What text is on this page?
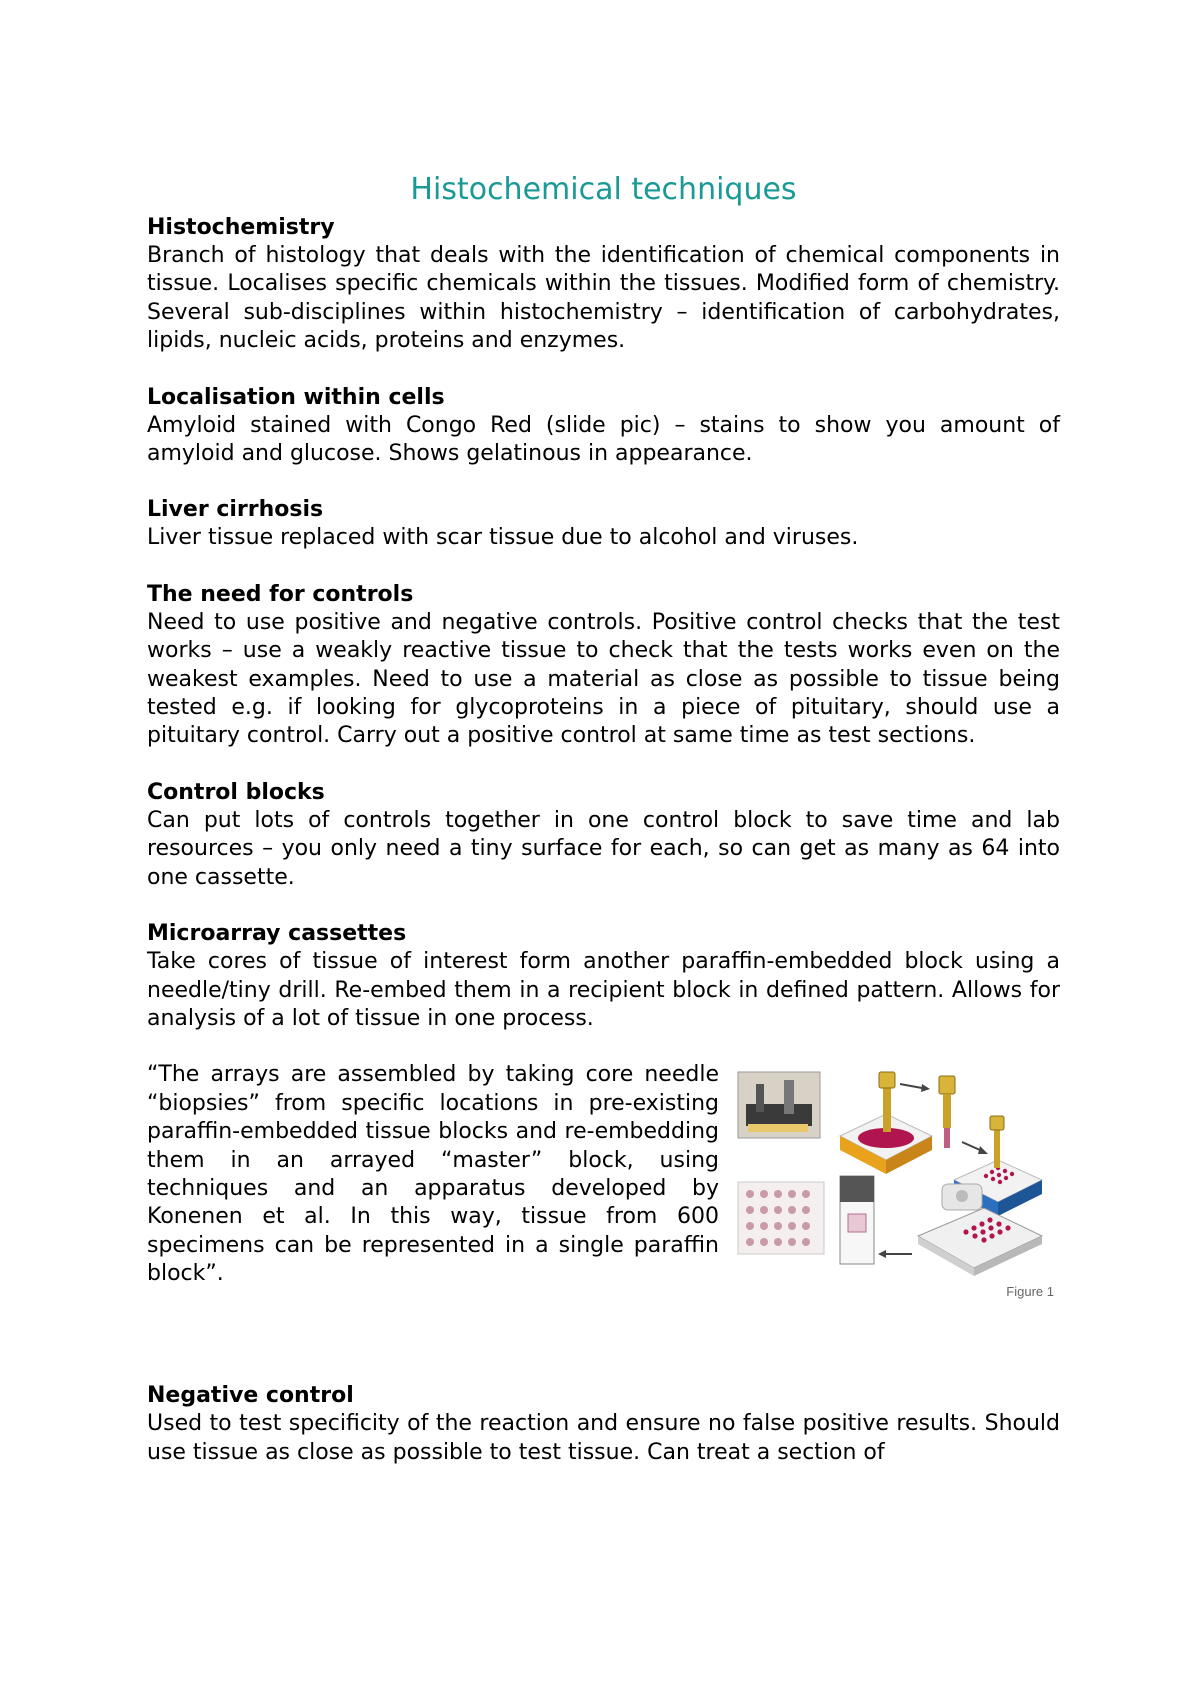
Histochemical techniques

Histochemistry

Branch of histology that deals with the identification of chemical components in tissue. Localises specific chemicals within the tissues. Modified form of chemistry. Several sub-disciplines within histochemistry – identification of carbohydrates, lipids, nucleic acids, proteins and enzymes.

Localisation within cells

Amyloid stained with Congo Red (slide pic) – stains to show you amount of amyloid and glucose. Shows gelatinous in appearance.

Liver cirrhosis

Liver tissue replaced with scar tissue due to alcohol and viruses.

The need for controls

Need to use positive and negative controls. Positive control checks that the test works – use a weakly reactive tissue to check that the tests works even on the weakest examples. Need to use a material as close as possible to tissue being tested e.g. if looking for glycoproteins in a piece of pituitary, should use a pituitary control. Carry out a positive control at same time as test sections.

Control blocks

Can put lots of controls together in one control block to save time and lab resources – you only need a tiny surface for each, so can get as many as 64 into one cassette.

Microarray cassettes

Take cores of tissue of interest form another paraffin-embedded block using a needle/tiny drill. Re-embed them in a recipient block in defined pattern. Allows for analysis of a lot of tissue in one process.

“The arrays are assembled by taking core needle “biopsies” from specific locations in pre-existing paraffin-embedded tissue blocks and re-embedding them in an arrayed “master” block, using techniques and an apparatus developed by Konenen et al. In this way, tissue from 600 specimens can be represented in a single paraffin block”.

Figure 1

Negative control

Used to test specificity of the reaction and ensure no false positive results. Should use tissue as close as possible to test tissue. Can treat a section of
